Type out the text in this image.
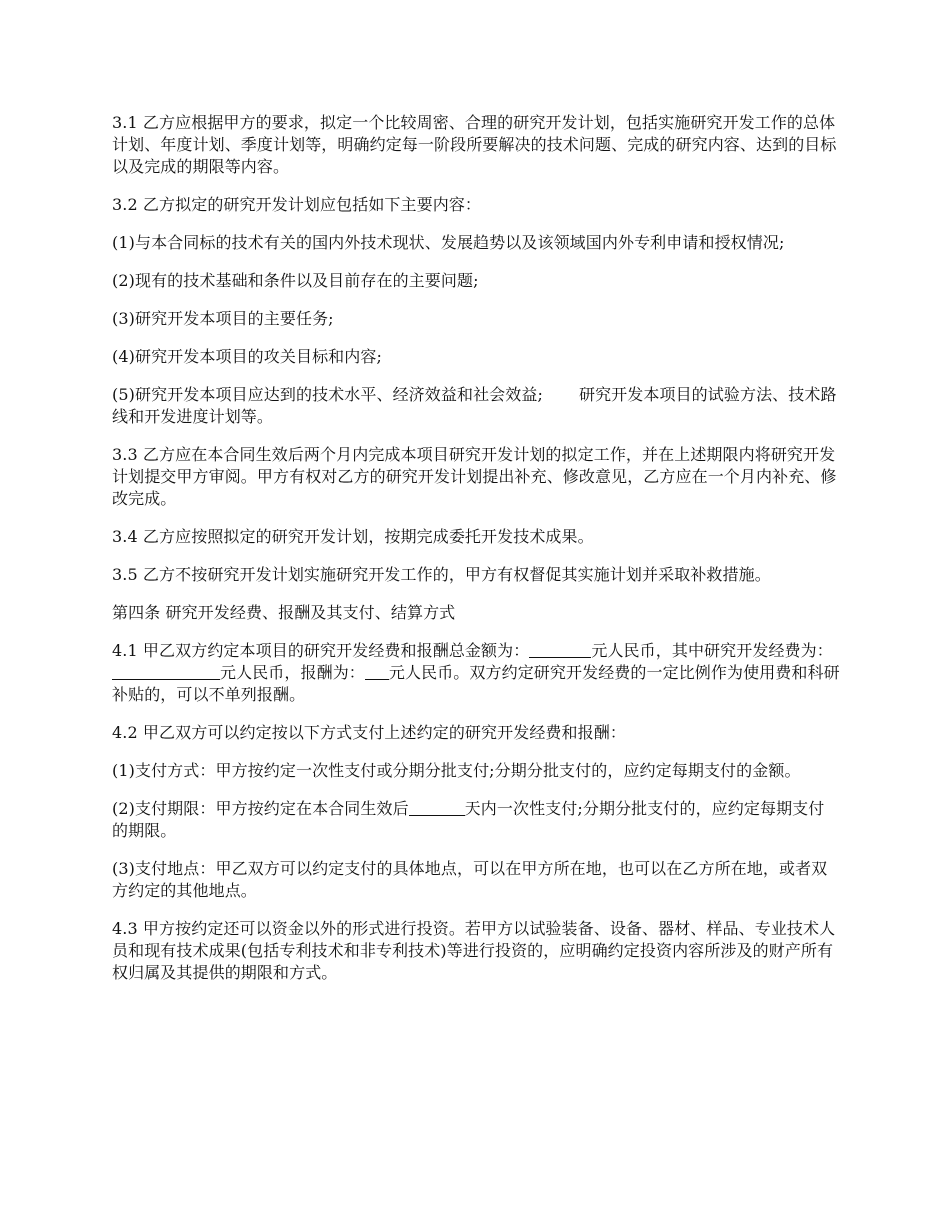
3.1 乙方应根据甲方的要求，拟定一个比较周密、合理的研究开发计划，包括实施研究开发工作的总体计划、年度计划、季度计划等，明确约定每一阶段所要解决的技术问题、完成的研究内容、达到的目标以及完成的期限等内容。

3.2 乙方拟定的研究开发计划应包括如下主要内容：

(1)与本合同标的技术有关的国内外技术现状、发展趋势以及该领域国内外专利申请和授权情况;

(2)现有的技术基础和条件以及目前存在的主要问题;

(3)研究开发本项目的主要任务;

(4)研究开发本项目的攻关目标和内容;

(5)研究开发本项目应达到的技术水平、经济效益和社会效益; 研究开发本项目的试验方法、技术路线和开发进度计划等。

3.3 乙方应在本合同生效后两个月内完成本项目研究开发计划的拟定工作，并在上述期限内将研究开发计划提交甲方审阅。甲方有权对乙方的研究开发计划提出补充、修改意见，乙方应在一个月内补充、修改完成。

3.4 乙方应按照拟定的研究开发计划，按期完成委托开发技术成果。

3.5 乙方不按研究开发计划实施研究开发工作的，甲方有权督促其实施计划并采取补救措施。

第四条 研究开发经费、报酬及其支付、结算方式

4.1 甲乙双方约定本项目的研究开发经费和报酬总金额为：	元人民币，其中研究开发经费为：元人民币，报酬为： 元人民币。双方约定研究开发经费的一定比例作为使用费和科研补贴的，可以不单列报酬。

4.2 甲乙双方可以约定按以下方式支付上述约定的研究开发经费和报酬：

(1)支付方式：甲方按约定一次性支付或分期分批支付;分期分批支付的，应约定每期支付的金额。

(2)支付期限：甲方按约定在本合同生效后	天内一次性支付;分期分批支付的，应约定每期支付的期限。

(3)支付地点：甲乙双方可以约定支付的具体地点，可以在甲方所在地，也可以在乙方所在地，或者双方约定的其他地点。

4.3 甲方按约定还可以资金以外的形式进行投资。若甲方以试验装备、设备、器材、样品、专业技术人员和现有技术成果(包括专利技术和非专利技术)等进行投资的，应明确约定投资内容所涉及的财产所有权归属及其提供的期限和方式。
